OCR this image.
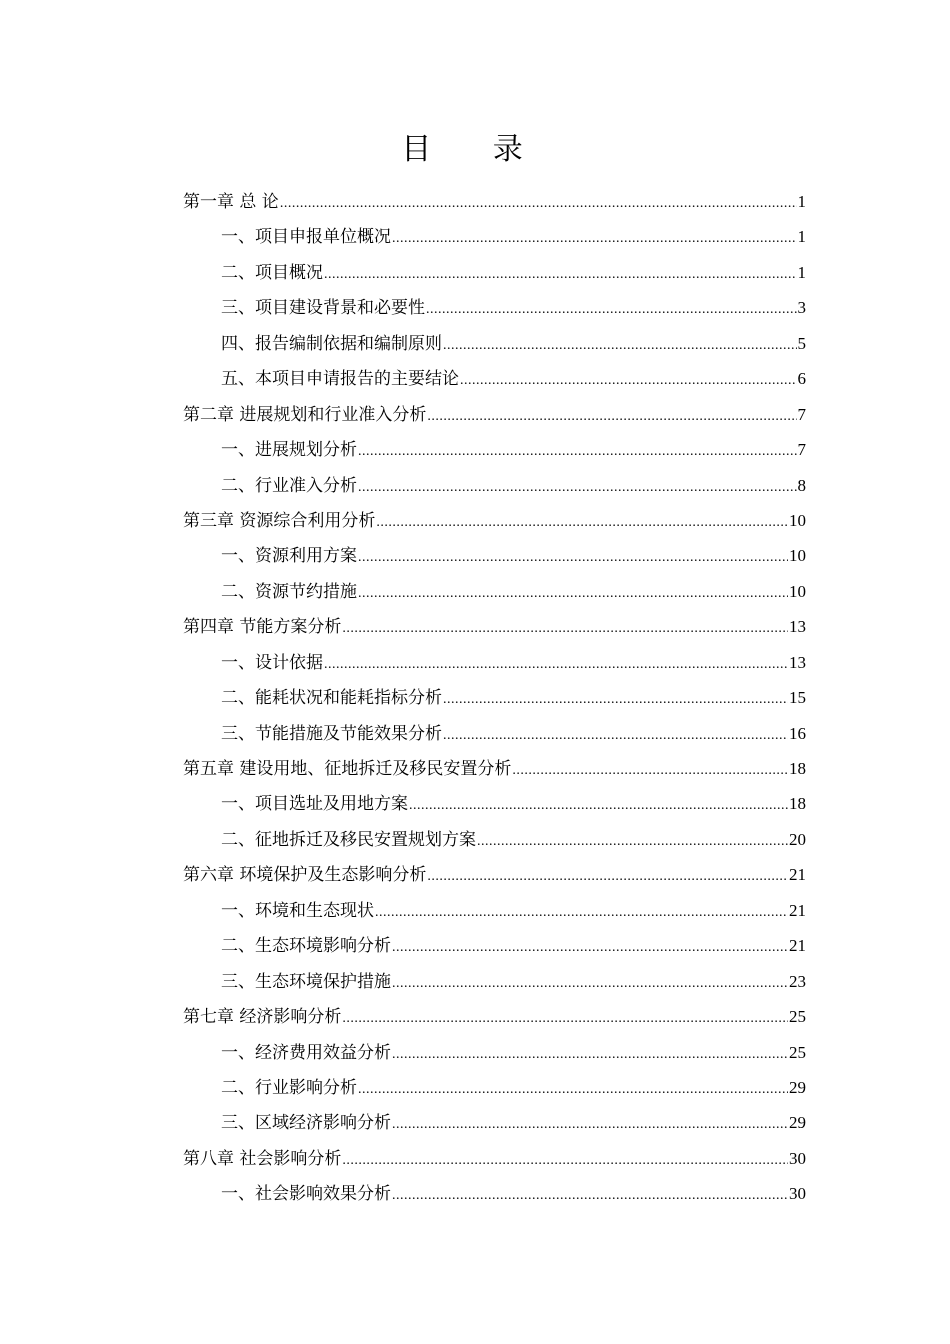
目 录
第一章 总 论 .....	1
一、项目申报单位概况 .....	1
二、项目概况 .....	1
三、项目建设背景和必要性 .....	3
四、报告编制依据和编制原则 .....	5
五、本项目申请报告的主要结论 .....	6
第二章 进展规划和行业准入分析 .....	7
一、进展规划分析 .....	7
二、行业准入分析 .....	8
第三章 资源综合利用分析 .....	10
一、资源利用方案 .....	10
二、资源节约措施 .....	10
第四章 节能方案分析 .....	13
一、设计依据 .....	13
二、能耗状况和能耗指标分析 .....	15
三、节能措施及节能效果分析 .....	16
第五章 建设用地、征地拆迁及移民安置分析 .....	18
一、项目选址及用地方案 .....	18
二、征地拆迁及移民安置规划方案 .....	20
第六章 环境保护及生态影响分析 .....	21
一、环境和生态现状 .....	21
二、生态环境影响分析 .....	21
三、生态环境保护措施 .....	23
第七章 经济影响分析 .....	25
一、经济费用效益分析 .....	25
二、行业影响分析 .....	29
三、区域经济影响分析 .....	29
第八章 社会影响分析 .....	30
一、社会影响效果分析 .....	30
